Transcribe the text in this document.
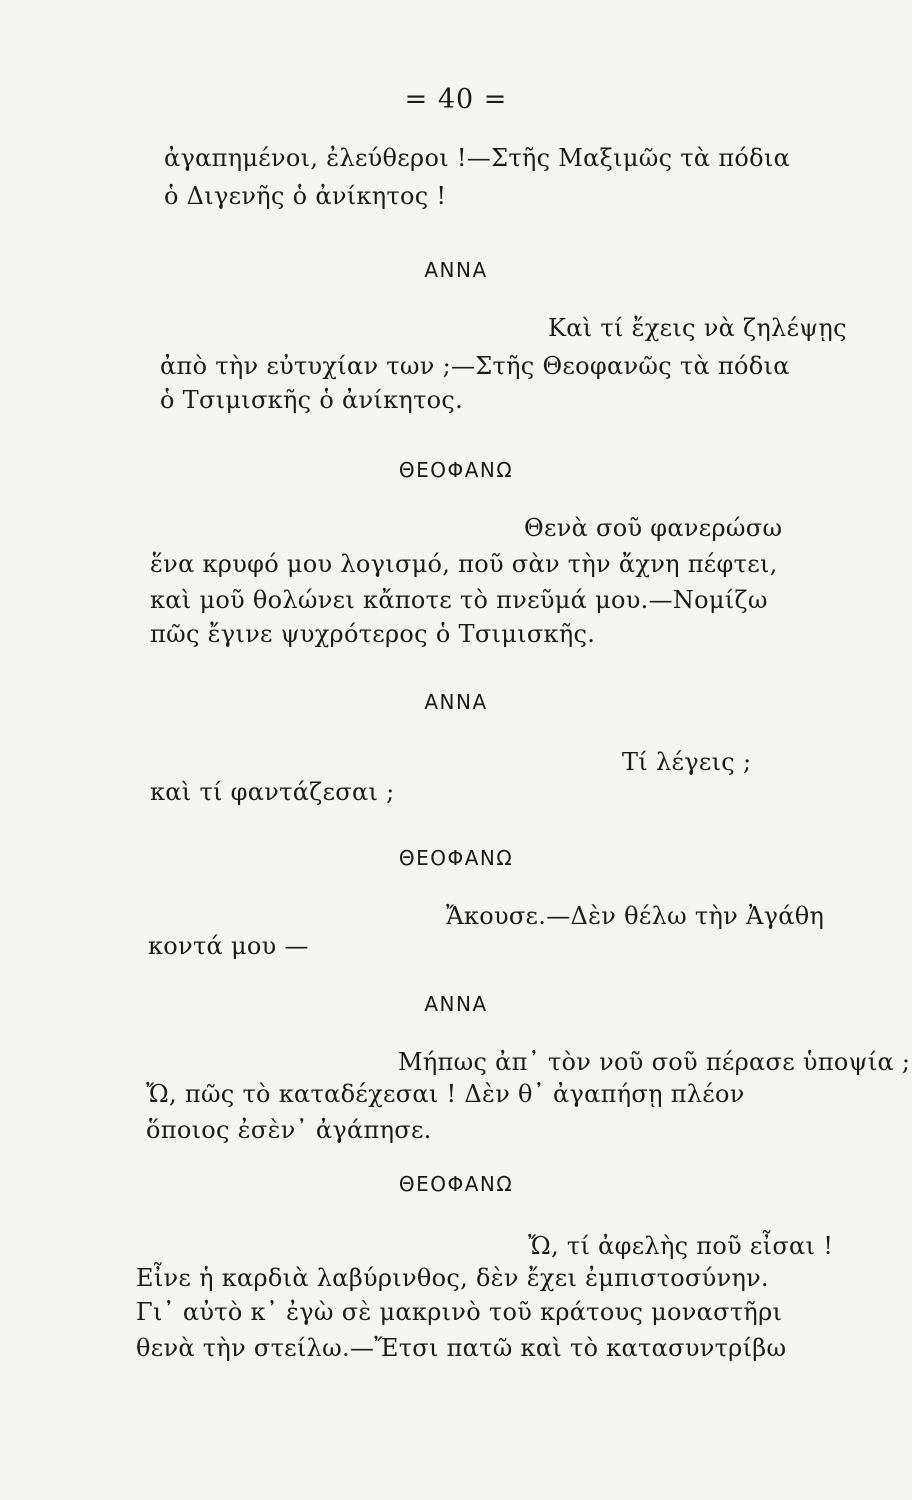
= 40 =
ἀγαπημένοι, ἐλεύθεροι !—Στῆς Μαξιμῶς τὰ πόδια
ὁ Διγενῆς ὁ ἀνίκητος !
ΑΝΝΑ
Καὶ τί ἔχεις νὰ ζηλέψῃς
ἀπὸ τὴν εὐτυχίαν των ;—Στῆς Θεοφανῶς τὰ πόδια
ὁ Τσιμισκῆς ὁ ἀνίκητος.
ΘΕΟΦΑΝΩ
Θενὰ σοῦ φανερώσω
ἕνα κρυφό μου λογισμό, ποῦ σὰν τὴν ἄχνη πέφτει,
καὶ μοῦ θολώνει κἄποτε τὸ πνεῦμά μου.—Νομίζω
πῶς ἔγινε ψυχρότερος ὁ Τσιμισκῆς.
ΑΝΝΑ
Τί λέγεις ;
καὶ τί φαντάζεσαι ;
ΘΕΟΦΑΝΩ
Ἄκουσε.—Δὲν θέλω τὴν Ἀγάθη
κοντά μου —
ΑΝΝΑ
Μήπως ἀπ᾽ τὸν νοῦ σοῦ πέρασε ὑποψία ;
Ὤ, πῶς τὸ καταδέχεσαι ! Δὲν θ᾽ ἀγαπήσῃ πλέον
ὅποιος ἐσὲν᾽ ἀγάπησε.
ΘΕΟΦΑΝΩ
Ὤ, τί ἀφελὴς ποῦ εἶσαι !
Εἶνε ἡ καρδιὰ λαβύρινθος, δὲν ἔχει ἐμπιστοσύνην.
Γι᾽ αὐτὸ κ᾽ ἐγὼ σὲ μακρινὸ τοῦ κράτους μοναστῆρι
θενὰ τὴν στείλω.—Ἔτσι πατῶ καὶ τὸ κατασυντρίβω
